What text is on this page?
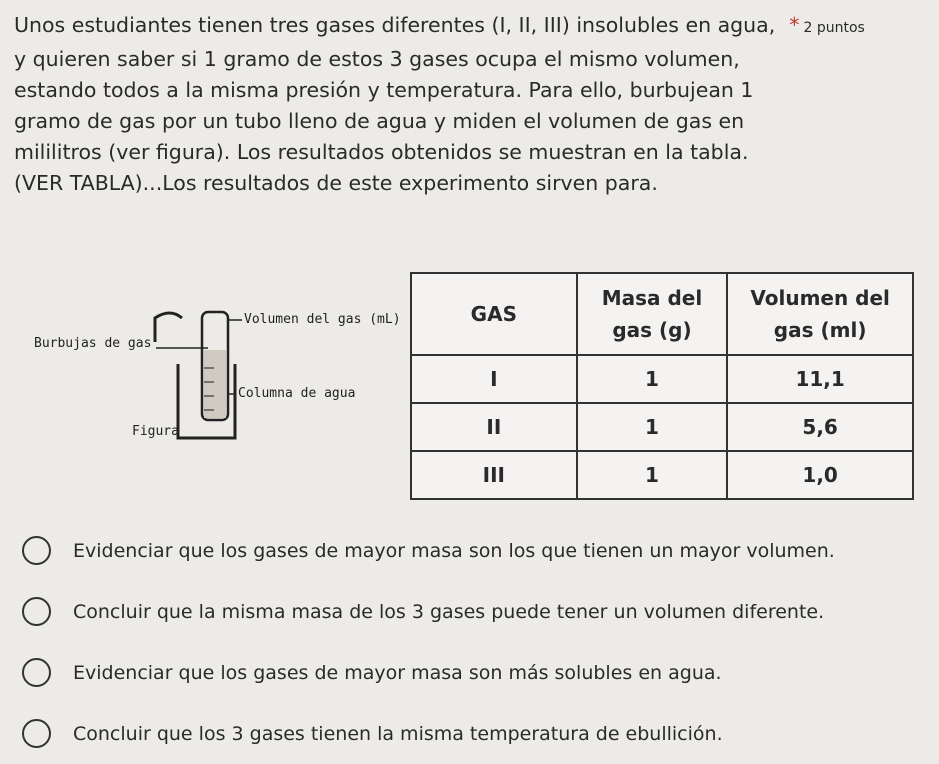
Unos estudiantes tienen tres gases diferentes (I, II, III) insolubles en agua, * 2 puntos
y quieren saber si 1 gramo de estos 3 gases ocupa el mismo volumen,
estando todos a la misma presión y temperatura. Para ello, burbujean 1
gramo de gas por un tubo lleno de agua y miden el volumen de gas en
mililitros (ver figura). Los resultados obtenidos se muestran en la tabla.
(VER TABLA)...Los resultados de este experimento sirven para.
Burbujas de gas
Volumen del gas (mL)
Columna de agua
Figura
GAS	Masa del gas (g)	Volumen del gas (ml)
I	1	11,1
II	1	5,6
III	1	1,0
Evidenciar que los gases de mayor masa son los que tienen un mayor volumen.
Concluir que la misma masa de los 3 gases puede tener un volumen diferente.
Evidenciar que los gases de mayor masa son más solubles en agua.
Concluir que los 3 gases tienen la misma temperatura de ebullición.
